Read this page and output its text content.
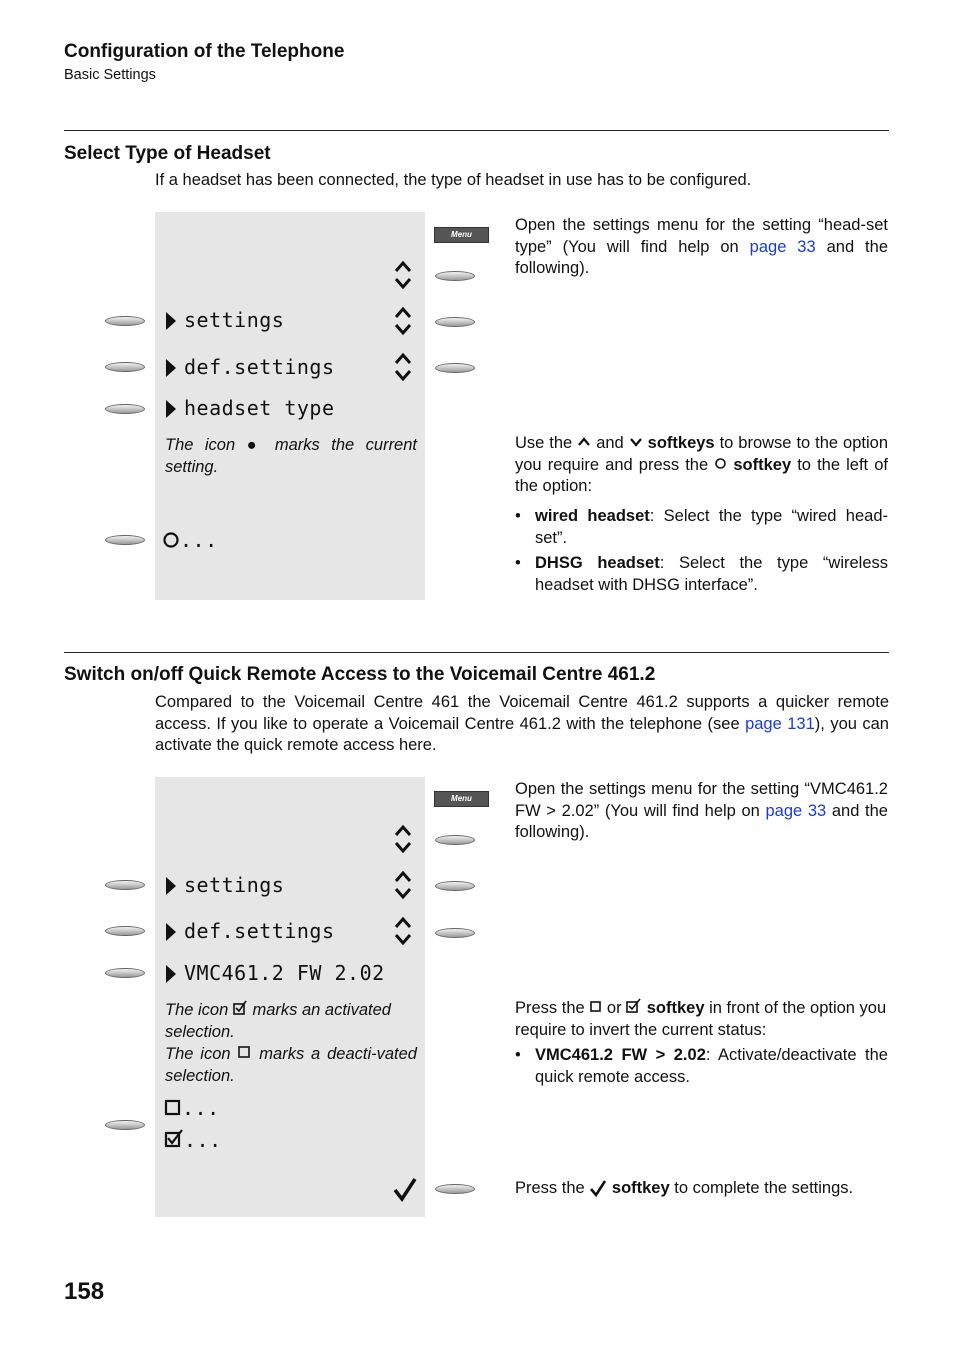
Configuration of the Telephone
Basic Settings
Select Type of Headset
If a headset has been connected, the type of headset in use has to be configured.
Menu
settings
def.settings
headset type
The icon ● marks the current setting.
...
Open the settings menu for the setting “head-set type” (You will find help on page 33 and the following).
Use the and softkeys to browse to the option you require and press the softkey to the left of the option:
• wired headset: Select the type “wired head-set”.
• DHSG headset: Select the type “wireless headset with DHSG interface”.
Switch on/off Quick Remote Access to the Voicemail Centre 461.2
Compared to the Voicemail Centre 461 the Voicemail Centre 461.2 supports a quicker remote access. If you like to operate a Voicemail Centre 461.2 with the telephone (see page 131), you can activate the quick remote access here.
Menu
settings
def.settings
VMC461.2 FW 2.02
The icon marks an activated selection.
The icon marks a deacti-vated selection.
...
...
Open the settings menu for the setting “VMC461.2 FW > 2.02” (You will find help on page 33 and the following).
Press the or softkey in front of the option you require to invert the current status:
• VMC461.2 FW > 2.02: Activate/deactivate the quick remote access.
Press the softkey to complete the settings.
158
